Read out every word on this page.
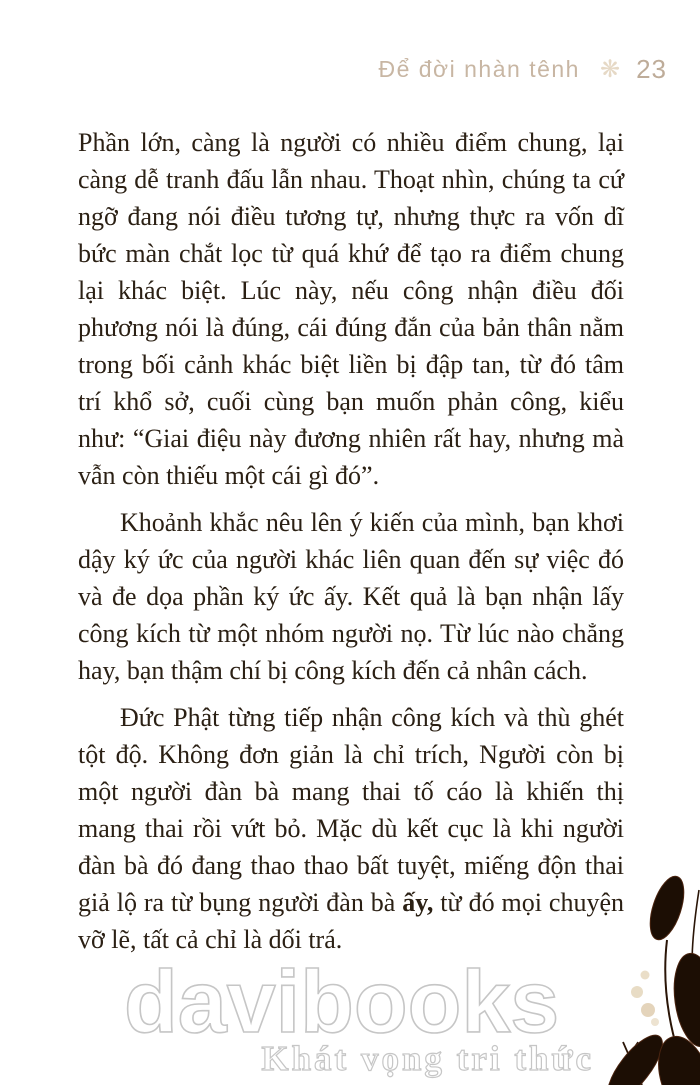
Để đời nhàn tênh ❋ 23

Phần lớn, càng là người có nhiều điểm chung, lại càng dễ tranh đấu lẫn nhau. Thoạt nhìn, chúng ta cứ ngỡ đang nói điều tương tự, nhưng thực ra vốn dĩ bức màn chắt lọc từ quá khứ để tạo ra điểm chung lại khác biệt. Lúc này, nếu công nhận điều đối phương nói là đúng, cái đúng đắn của bản thân nằm trong bối cảnh khác biệt liền bị đập tan, từ đó tâm trí khổ sở, cuối cùng bạn muốn phản công, kiểu như: “Giai điệu này đương nhiên rất hay, nhưng mà vẫn còn thiếu một cái gì đó”.

Khoảnh khắc nêu lên ý kiến của mình, bạn khơi dậy ký ức của người khác liên quan đến sự việc đó và đe dọa phần ký ức ấy. Kết quả là bạn nhận lấy công kích từ một nhóm người nọ. Từ lúc nào chẳng hay, bạn thậm chí bị công kích đến cả nhân cách.

Đức Phật từng tiếp nhận công kích và thù ghét tột độ. Không đơn giản là chỉ trích, Người còn bị một người đàn bà mang thai tố cáo là khiến thị mang thai rồi vứt bỏ. Mặc dù kết cục là khi người đàn bà đó đang thao thao bất tuyệt, miếng độn thai giả lộ ra từ bụng người đàn bà ấy, từ đó mọi chuyện vỡ lẽ, tất cả chỉ là dối trá.

davibooks
Khát vọng tri thức
